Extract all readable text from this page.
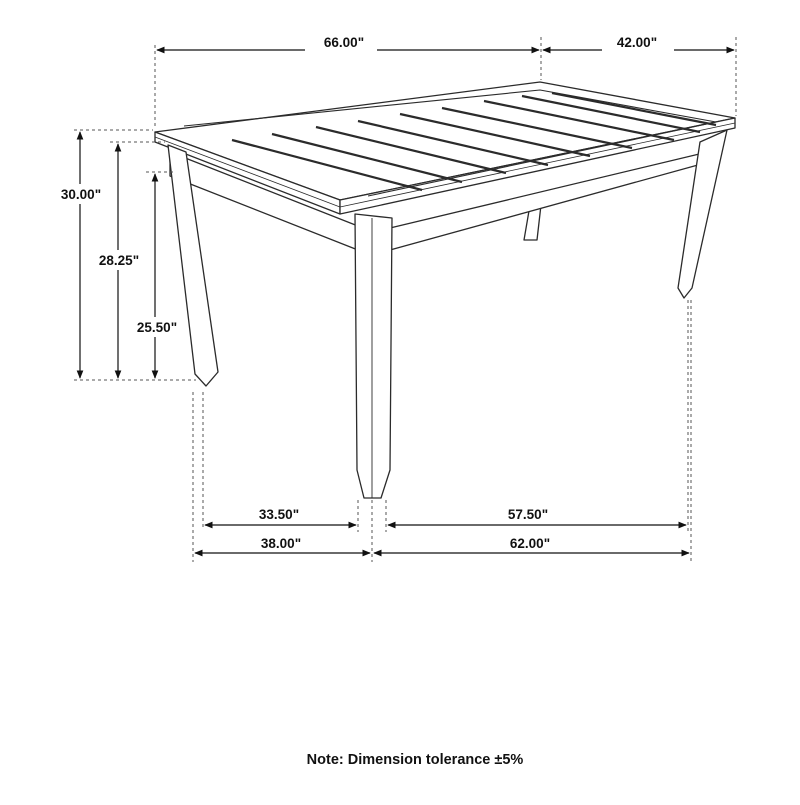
66.00"	42.00"
30.00"
28.25"
25.50"
33.50"	57.50"
38.00"	62.00"
Note: Dimension tolerance ±5%
